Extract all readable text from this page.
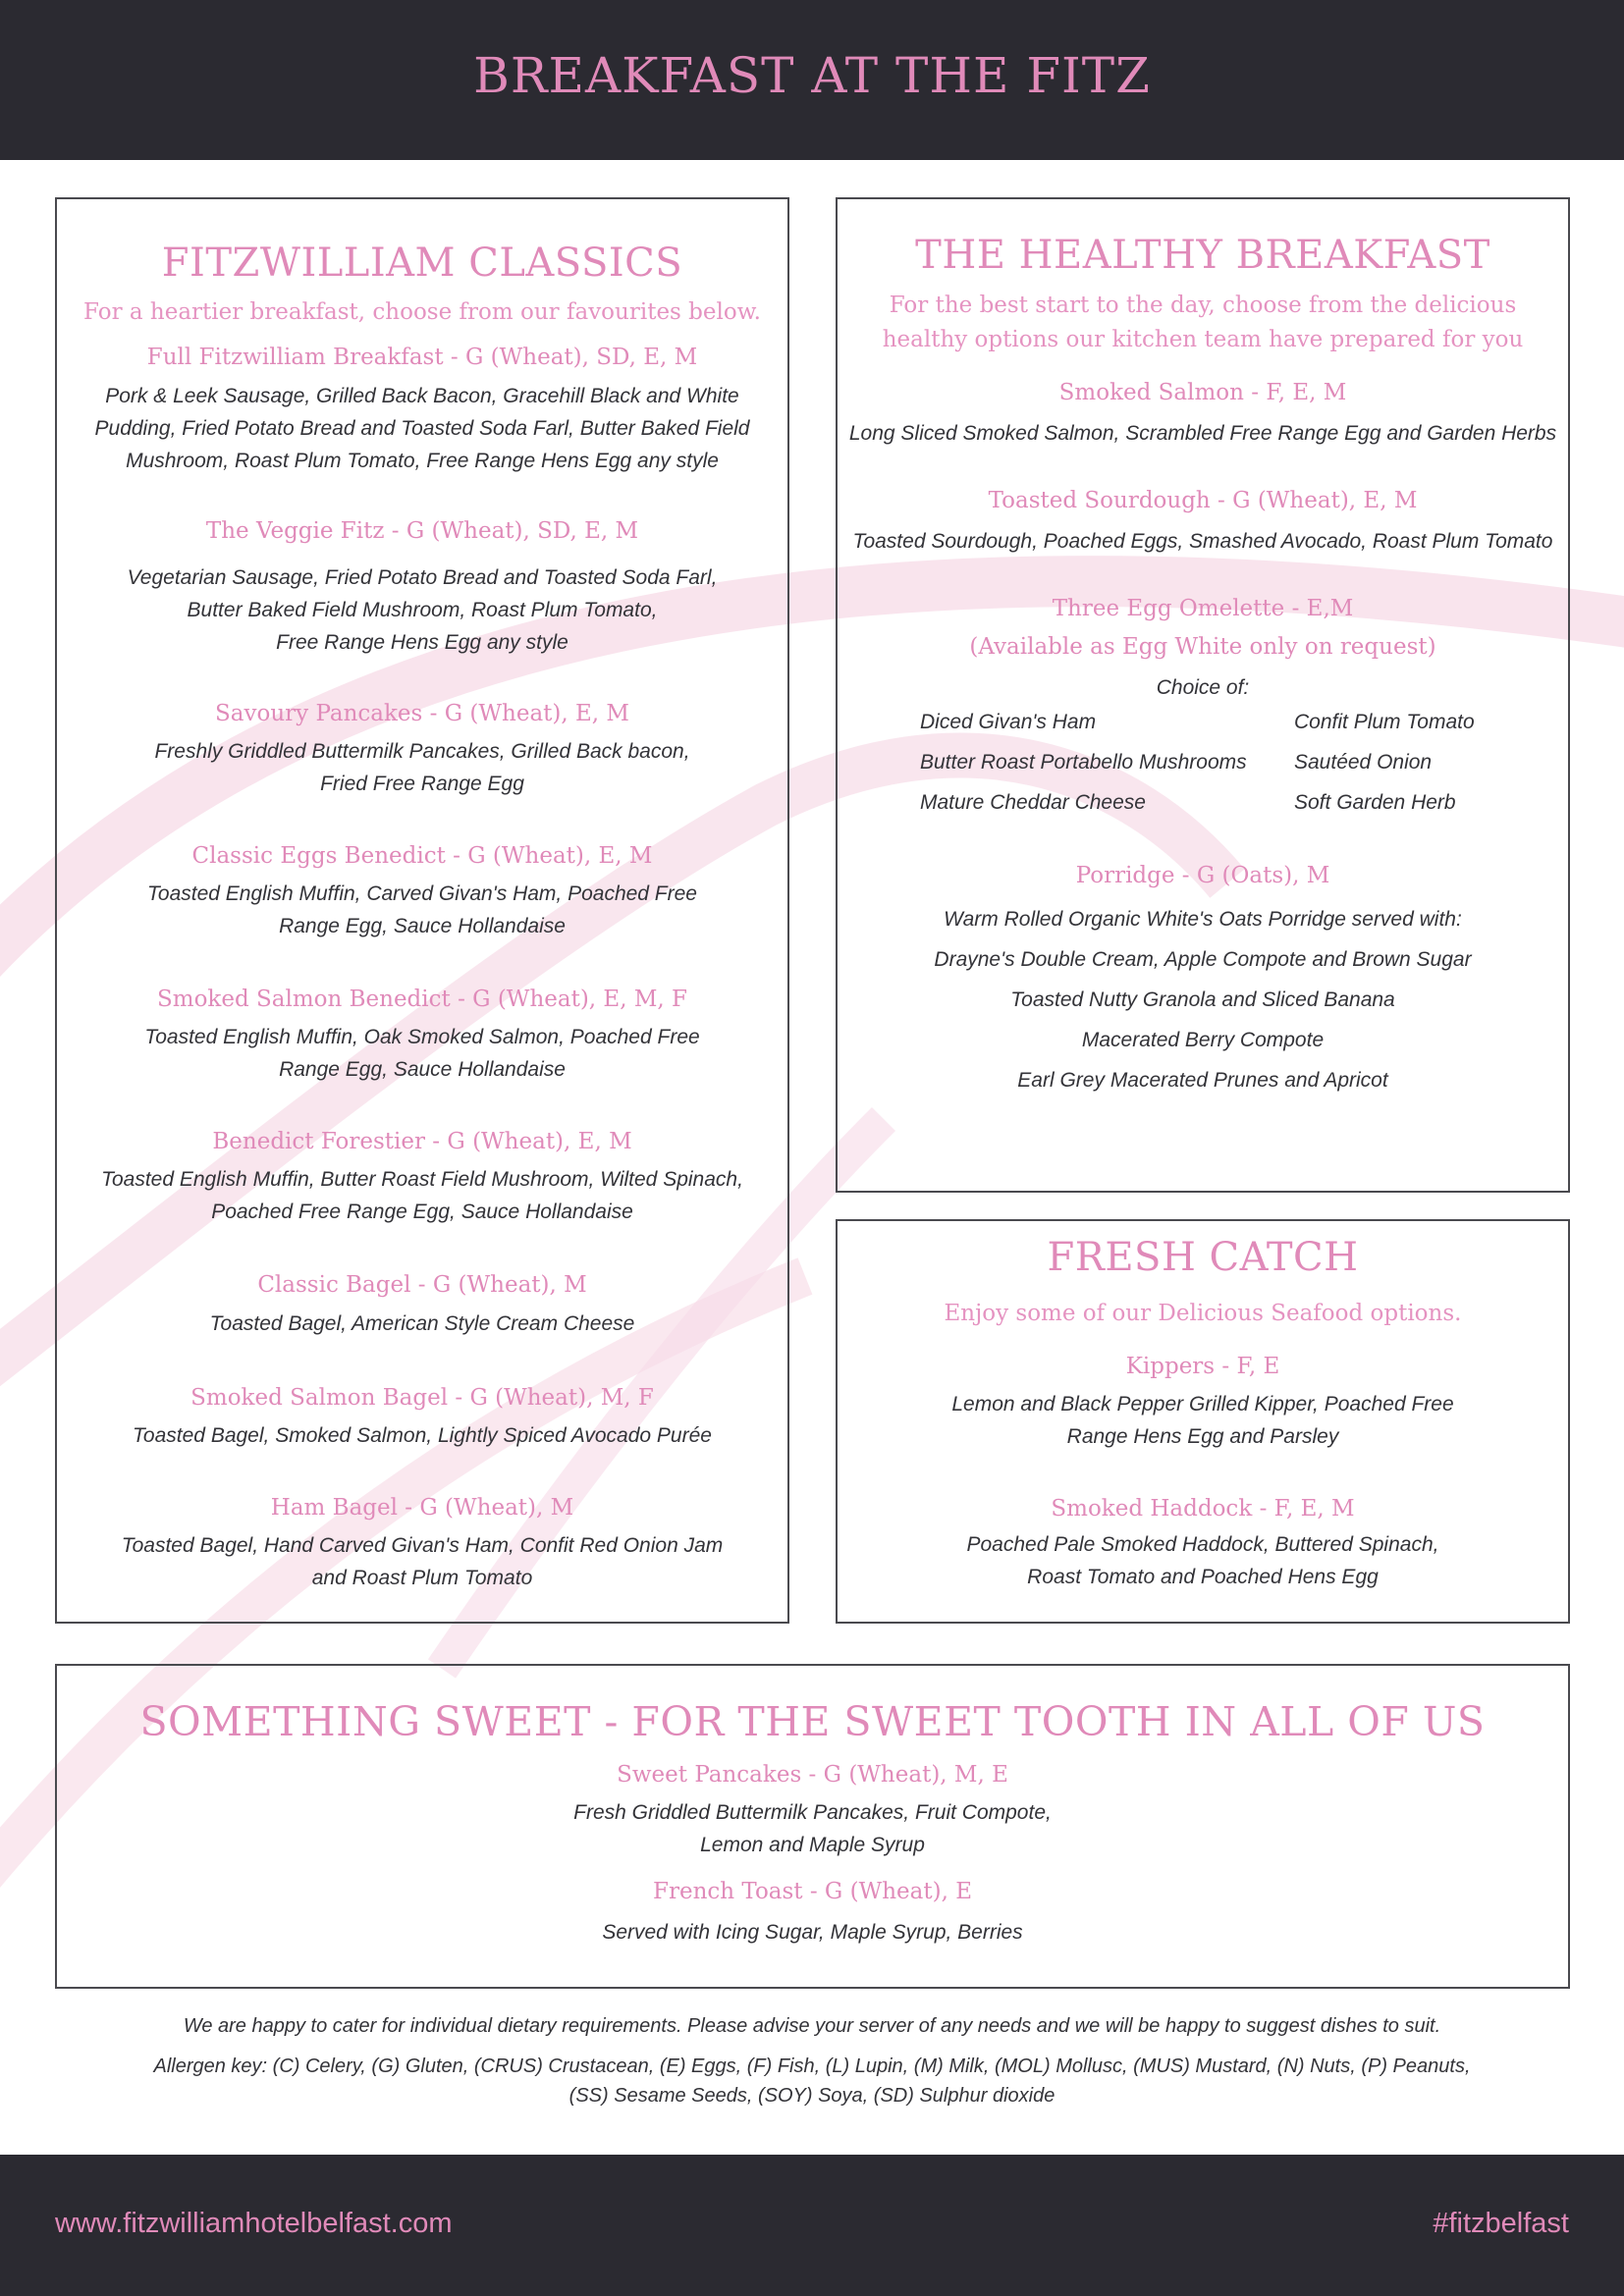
BREAKFAST AT THE FITZ
FITZWILLIAM CLASSICS

For a heartier breakfast, choose from our favourites below.

Full Fitzwilliam Breakfast - G (Wheat), SD, E, M
Pork & Leek Sausage, Grilled Back Bacon, Gracehill Black and White
Pudding, Fried Potato Bread and Toasted Soda Farl, Butter Baked Field
Mushroom, Roast Plum Tomato, Free Range Hens Egg any style
The Veggie Fitz - G (Wheat), SD, E, M
Vegetarian Sausage, Fried Potato Bread and Toasted Soda Farl,
Butter Baked Field Mushroom, Roast Plum Tomato,
Free Range Hens Egg any style
Savoury Pancakes - G (Wheat), E, M
Freshly Griddled Buttermilk Pancakes, Grilled Back bacon,
Fried Free Range Egg
Classic Eggs Benedict - G (Wheat), E, M
Toasted English Muffin, Carved Givan's Ham, Poached Free
Range Egg, Sauce Hollandaise
Smoked Salmon Benedict - G (Wheat), E, M, F
Toasted English Muffin, Oak Smoked Salmon, Poached Free
Range Egg, Sauce Hollandaise
Benedict Forestier - G (Wheat), E, M
Toasted English Muffin, Butter Roast Field Mushroom, Wilted Spinach,
Poached Free Range Egg, Sauce Hollandaise
Classic Bagel - G (Wheat), M
Toasted Bagel, American Style Cream Cheese
Smoked Salmon Bagel - G (Wheat), M, F
Toasted Bagel, Smoked Salmon, Lightly Spiced Avocado Purée
Ham Bagel - G (Wheat), M
Toasted Bagel, Hand Carved Givan's Ham, Confit Red Onion Jam
and Roast Plum Tomato
THE HEALTHY BREAKFAST
For the best start to the day, choose from the delicious
healthy options our kitchen team have prepared for you
Smoked Salmon - F, E, M
Long Sliced Smoked Salmon, Scrambled Free Range Egg and Garden Herbs
Toasted Sourdough - G (Wheat), E, M
Toasted Sourdough, Poached Eggs, Smashed Avocado, Roast Plum Tomato
Three Egg Omelette - E,M
(Available as Egg White only on request)
Choice of:
Diced Givan's Ham
Butter Roast Portabello Mushrooms
Mature Cheddar Cheese
Confit Plum Tomato
Sautéed Onion
Soft Garden Herb
Porridge - G (Oats), M
Warm Rolled Organic White's Oats Porridge served with:
Drayne's Double Cream, Apple Compote and Brown Sugar
Toasted Nutty Granola and Sliced Banana
Macerated Berry Compote
Earl Grey Macerated Prunes and Apricot
FRESH CATCH

Enjoy some of our Delicious Seafood options.

Kippers - F, E
Lemon and Black Pepper Grilled Kipper, Poached Free
Range Hens Egg and Parsley
Smoked Haddock - F, E, M
Poached Pale Smoked Haddock, Buttered Spinach,
Roast Tomato and Poached Hens Egg
SOMETHING SWEET - FOR THE SWEET TOOTH IN ALL OF US
Sweet Pancakes - G (Wheat), M, E
Fresh Griddled Buttermilk Pancakes, Fruit Compote,
Lemon and Maple Syrup
French Toast - G (Wheat), E
Served with Icing Sugar, Maple Syrup, Berries

We are happy to cater for individual dietary requirements. Please advise your server of any needs and we will be happy to suggest dishes to suit.

Allergen key: (C) Celery, (G) Gluten, (CRUS) Crustacean, (E) Eggs, (F) Fish, (L) Lupin, (M) Milk, (MOL) Mollusc, (MUS) Mustard, (N) Nuts, (P) Peanuts,

(SS) Sesame Seeds, (SOY) Soya, (SD) Sulphur dioxide

www.fitzwilliamhotelbelfast.com	#fitzbelfast
